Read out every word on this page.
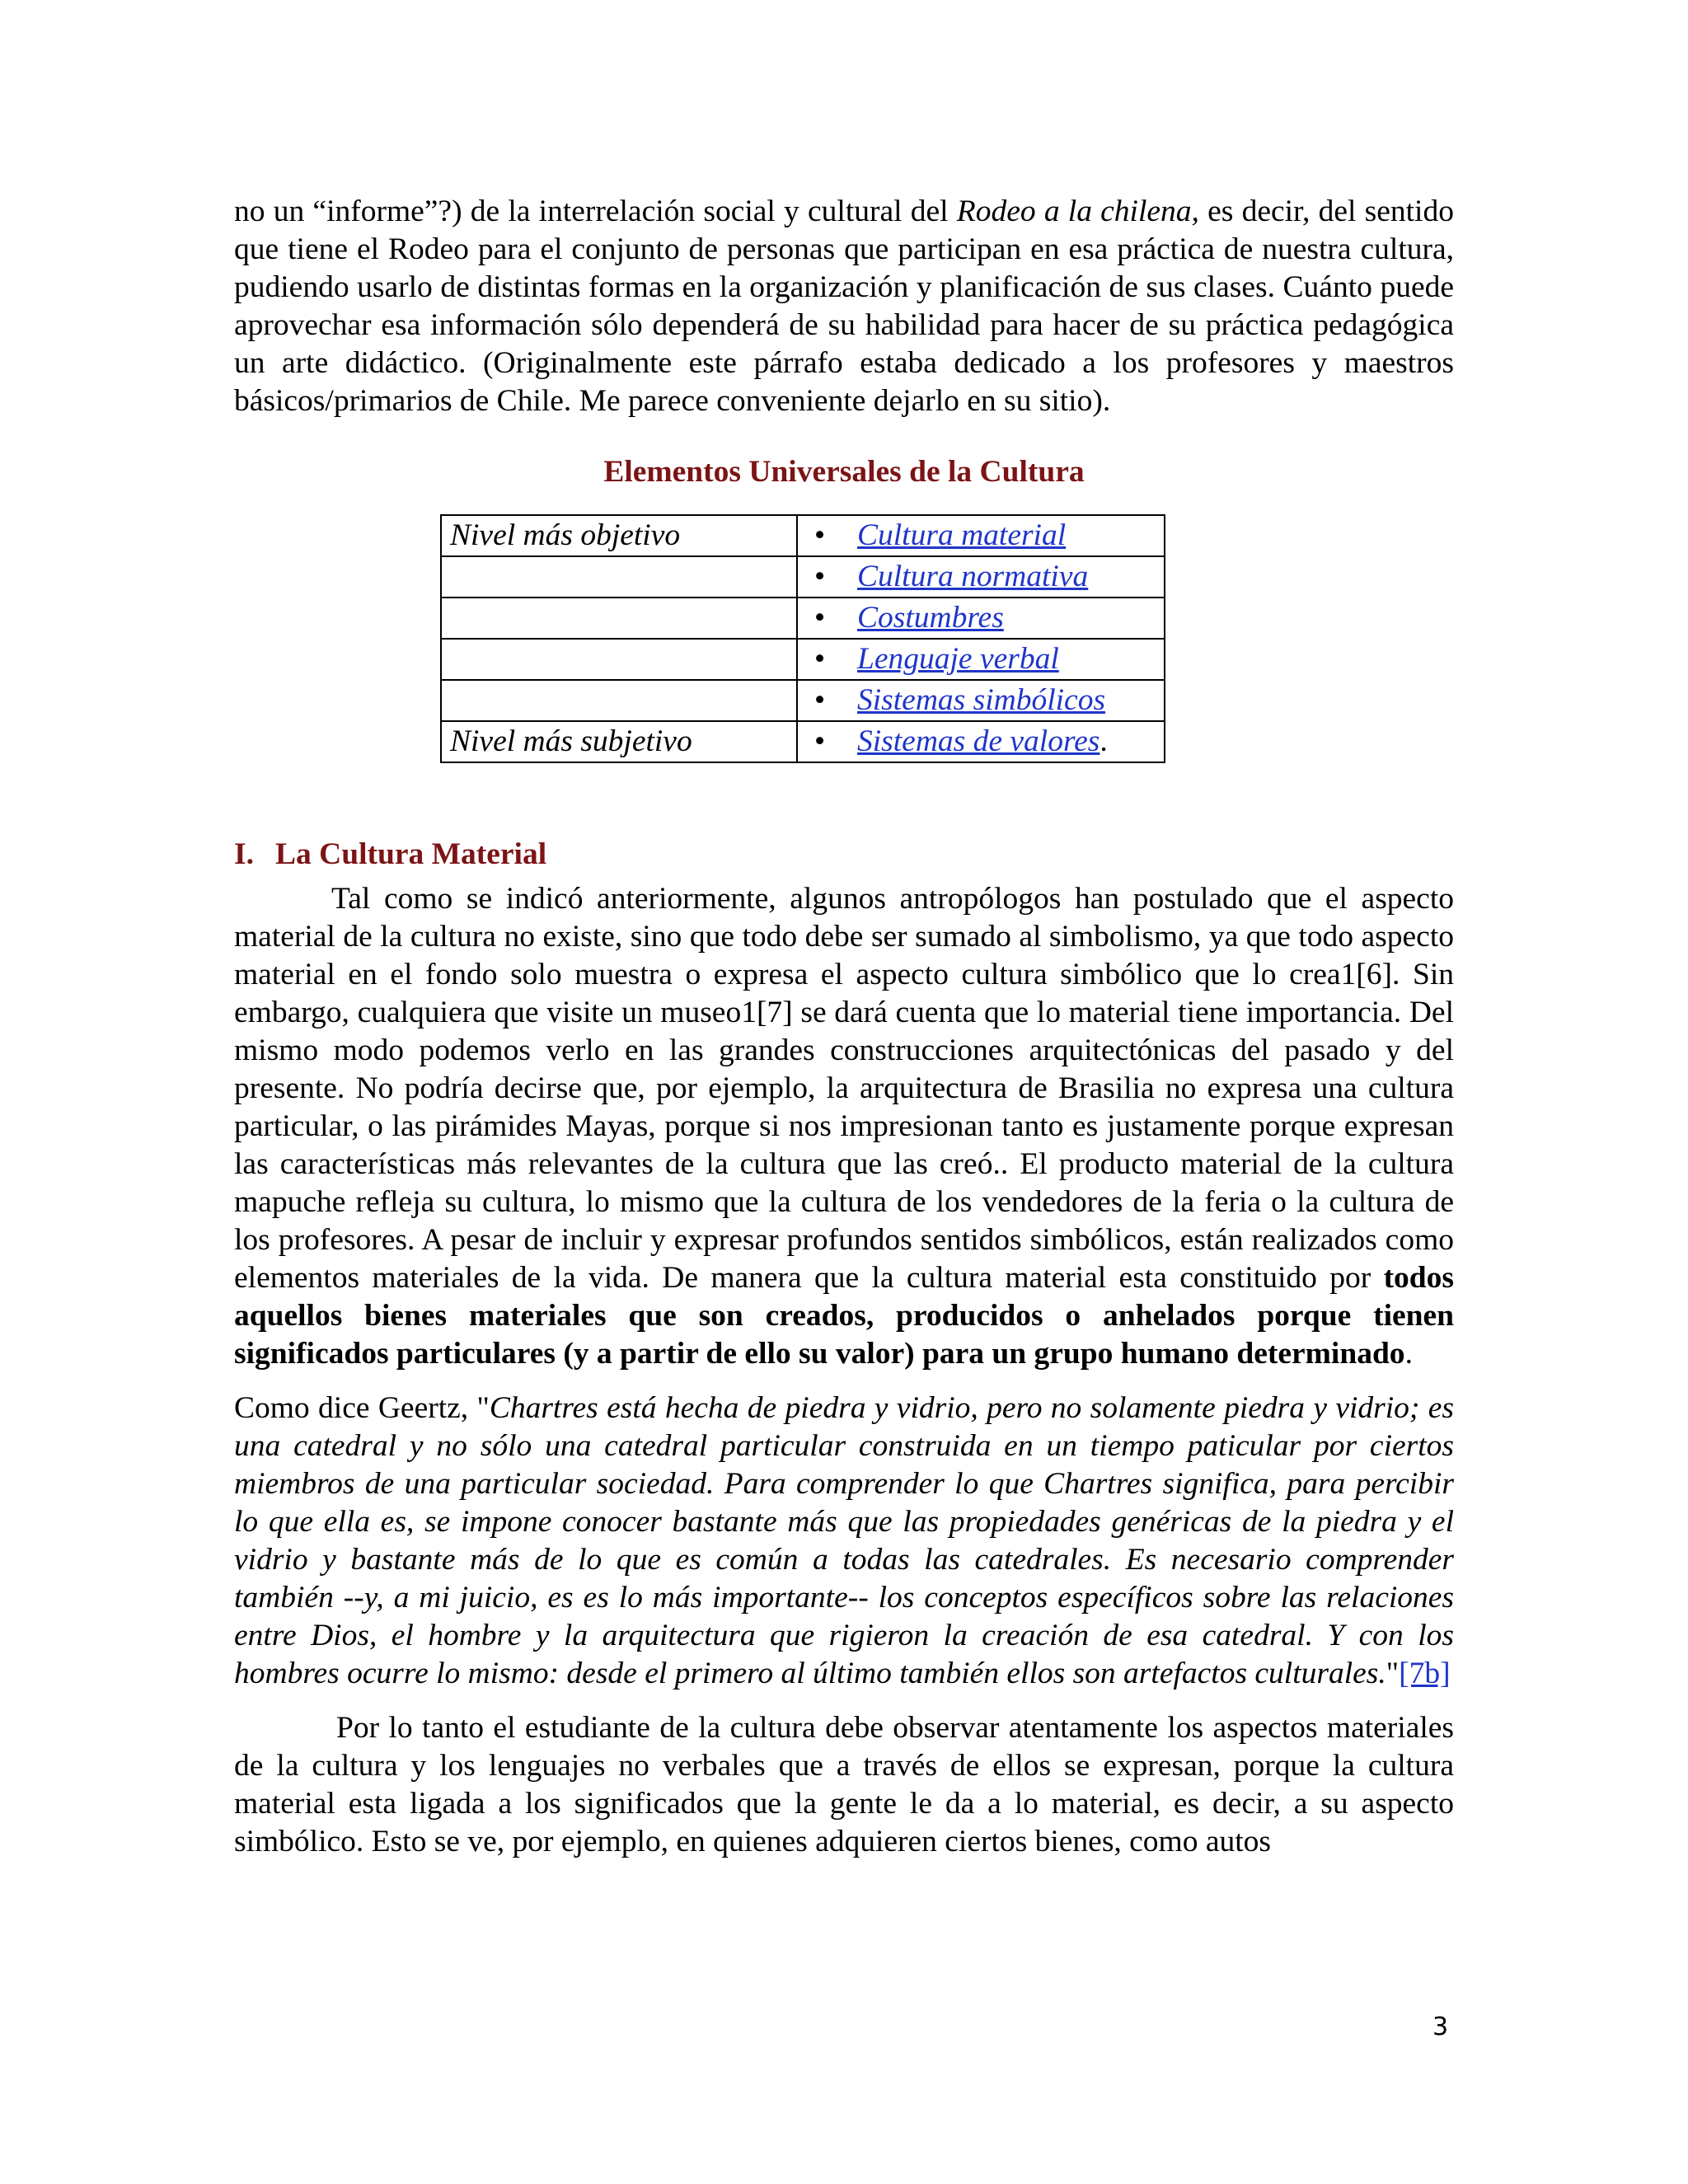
no un “informe”?) de la interrelación social y cultural del Rodeo a la chilena, es decir, del sentido que tiene el Rodeo para el conjunto de personas que participan en esa práctica de nuestra cultura, pudiendo usarlo de distintas formas en la organización y planificación de sus clases. Cuánto puede aprovechar esa información sólo dependerá de su habilidad para hacer de su práctica pedagógica un arte didáctico. (Originalmente este párrafo estaba dedicado a los profesores y maestros básicos/primarios de Chile. Me parece conveniente dejarlo en su sitio).

Elementos Universales de la Cultura
Nivel más objetivo	• Cultura material
	• Cultura normativa
	• Costumbres
	• Lenguaje verbal
	• Sistemas simbólicos
Nivel más subjetivo	• Sistemas de valores.
I. La Cultura Material

Tal como se indicó anteriormente, algunos antropólogos han postulado que el aspecto material de la cultura no existe, sino que todo debe ser sumado al simbolismo, ya que todo aspecto material en el fondo solo muestra o expresa el aspecto cultura simbólico que lo crea1[6]. Sin embargo, cualquiera que visite un museo1[7] se dará cuenta que lo material tiene importancia. Del mismo modo podemos verlo en las grandes construcciones arquitectónicas del pasado y del presente. No podría decirse que, por ejemplo, la arquitectura de Brasilia no expresa una cultura particular, o las pirámides Mayas, porque si nos impresionan tanto es justamente porque expresan las características más relevantes de la cultura que las creó.. El producto material de la cultura mapuche refleja su cultura, lo mismo que la cultura de los vendedores de la feria o la cultura de los profesores. A pesar de incluir y expresar profundos sentidos simbólicos, están realizados como elementos materiales de la vida. De manera que la cultura material esta constituido por todos aquellos bienes materiales que son creados, producidos o anhelados porque tienen significados particulares (y a partir de ello su valor) para un grupo humano determinado.

Como dice Geertz, "Chartres está hecha de piedra y vidrio, pero no solamente piedra y vidrio; es una catedral y no sólo una catedral particular construida en un tiempo paticular por ciertos miembros de una particular sociedad. Para comprender lo que Chartres significa, para percibir lo que ella es, se impone conocer bastante más que las propiedades genéricas de la piedra y el vidrio y bastante más de lo que es común a todas las catedrales. Es necesario comprender también --y, a mi juicio, es es lo más importante-- los conceptos específicos sobre las relaciones entre Dios, el hombre y la arquitectura que rigieron la creación de esa catedral. Y con los hombres ocurre lo mismo: desde el primero al último también ellos son artefactos culturales."[7b]

Por lo tanto el estudiante de la cultura debe observar atentamente los aspectos materiales de la cultura y los lenguajes no verbales que a través de ellos se expresan, porque la cultura material esta ligada a los significados que la gente le da a lo material, es decir, a su aspecto simbólico. Esto se ve, por ejemplo, en quienes adquieren ciertos bienes, como autos

3
